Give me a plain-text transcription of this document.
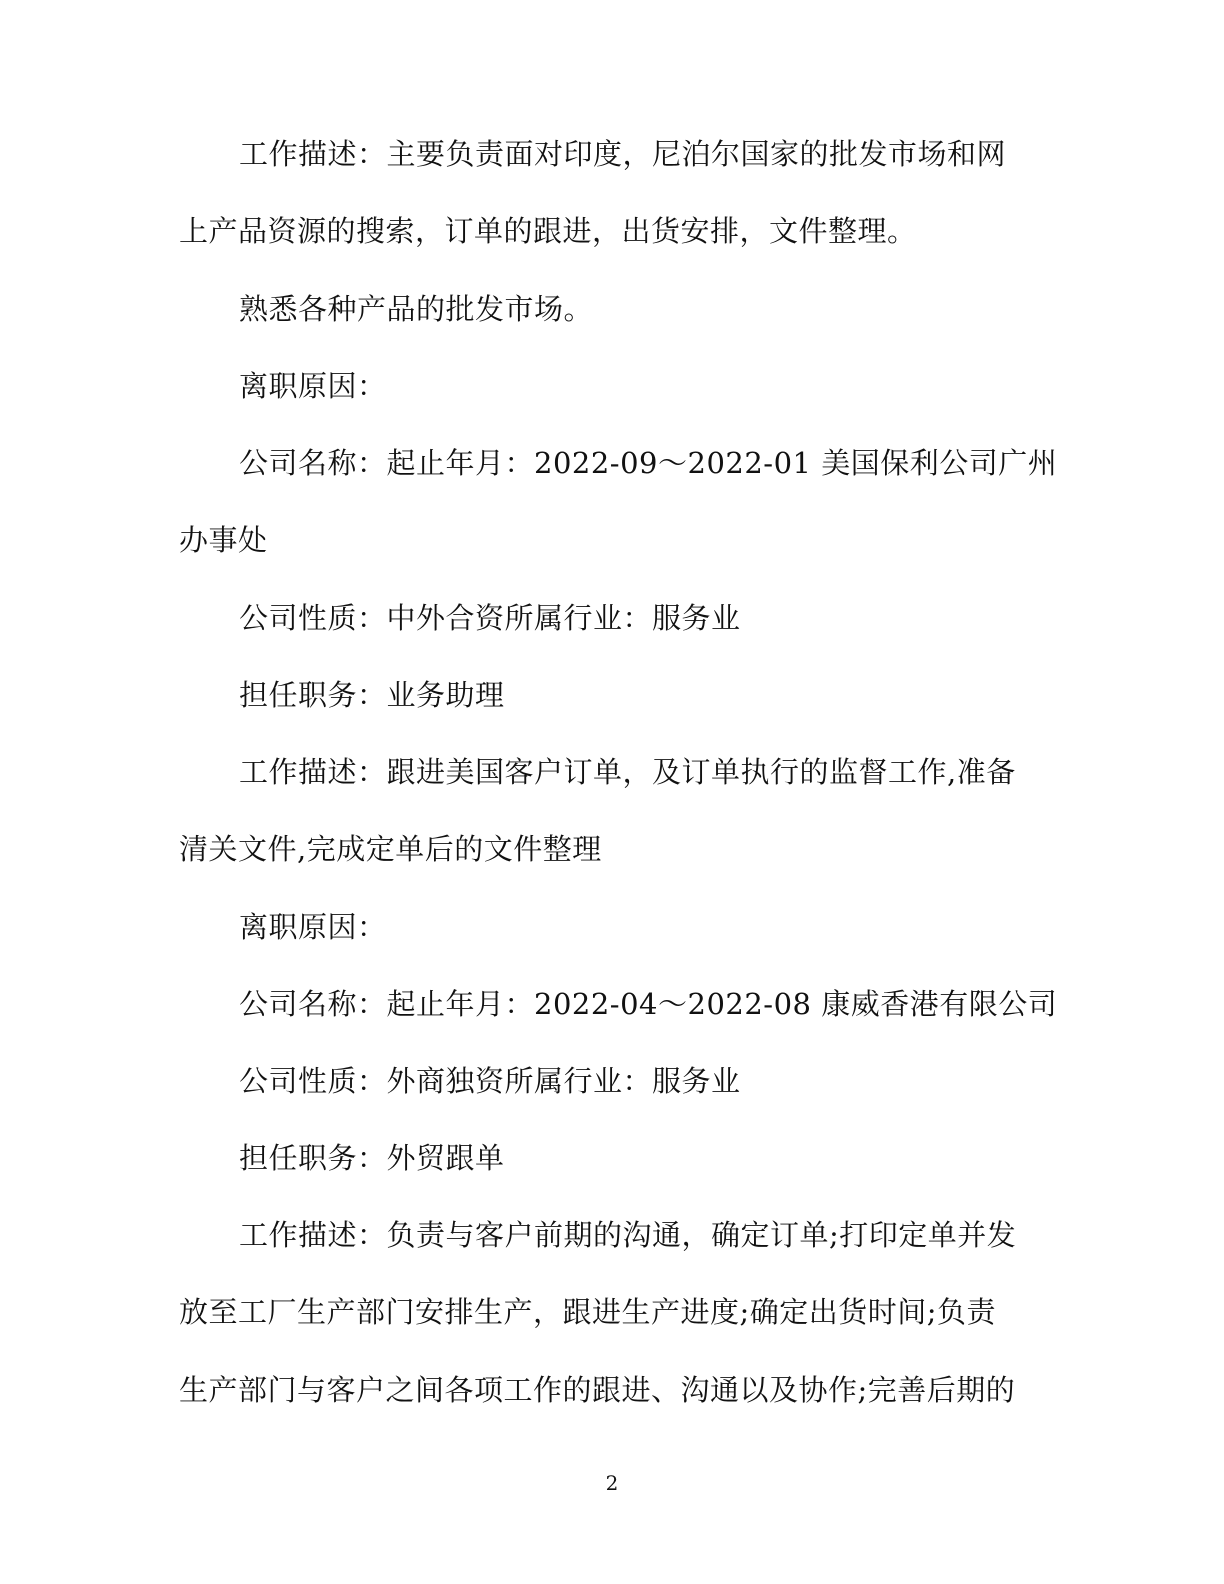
工作描述：主要负责面对印度，尼泊尔国家的批发市场和网
上产品资源的搜索，订单的跟进，出货安排，文件整理。
熟悉各种产品的批发市场。
离职原因：
公司名称：起止年月：2022-09～2022-01 美国保利公司广州
办事处
公司性质：中外合资所属行业：服务业
担任职务：业务助理
工作描述：跟进美国客户订单，及订单执行的监督工作,准备
清关文件,完成定单后的文件整理
离职原因：
公司名称：起止年月：2022-04～2022-08 康威香港有限公司
公司性质：外商独资所属行业：服务业
担任职务：外贸跟单
工作描述：负责与客户前期的沟通，确定订单;打印定单并发
放至工厂生产部门安排生产，跟进生产进度;确定出货时间;负责
生产部门与客户之间各项工作的跟进、沟通以及协作;完善后期的
2
